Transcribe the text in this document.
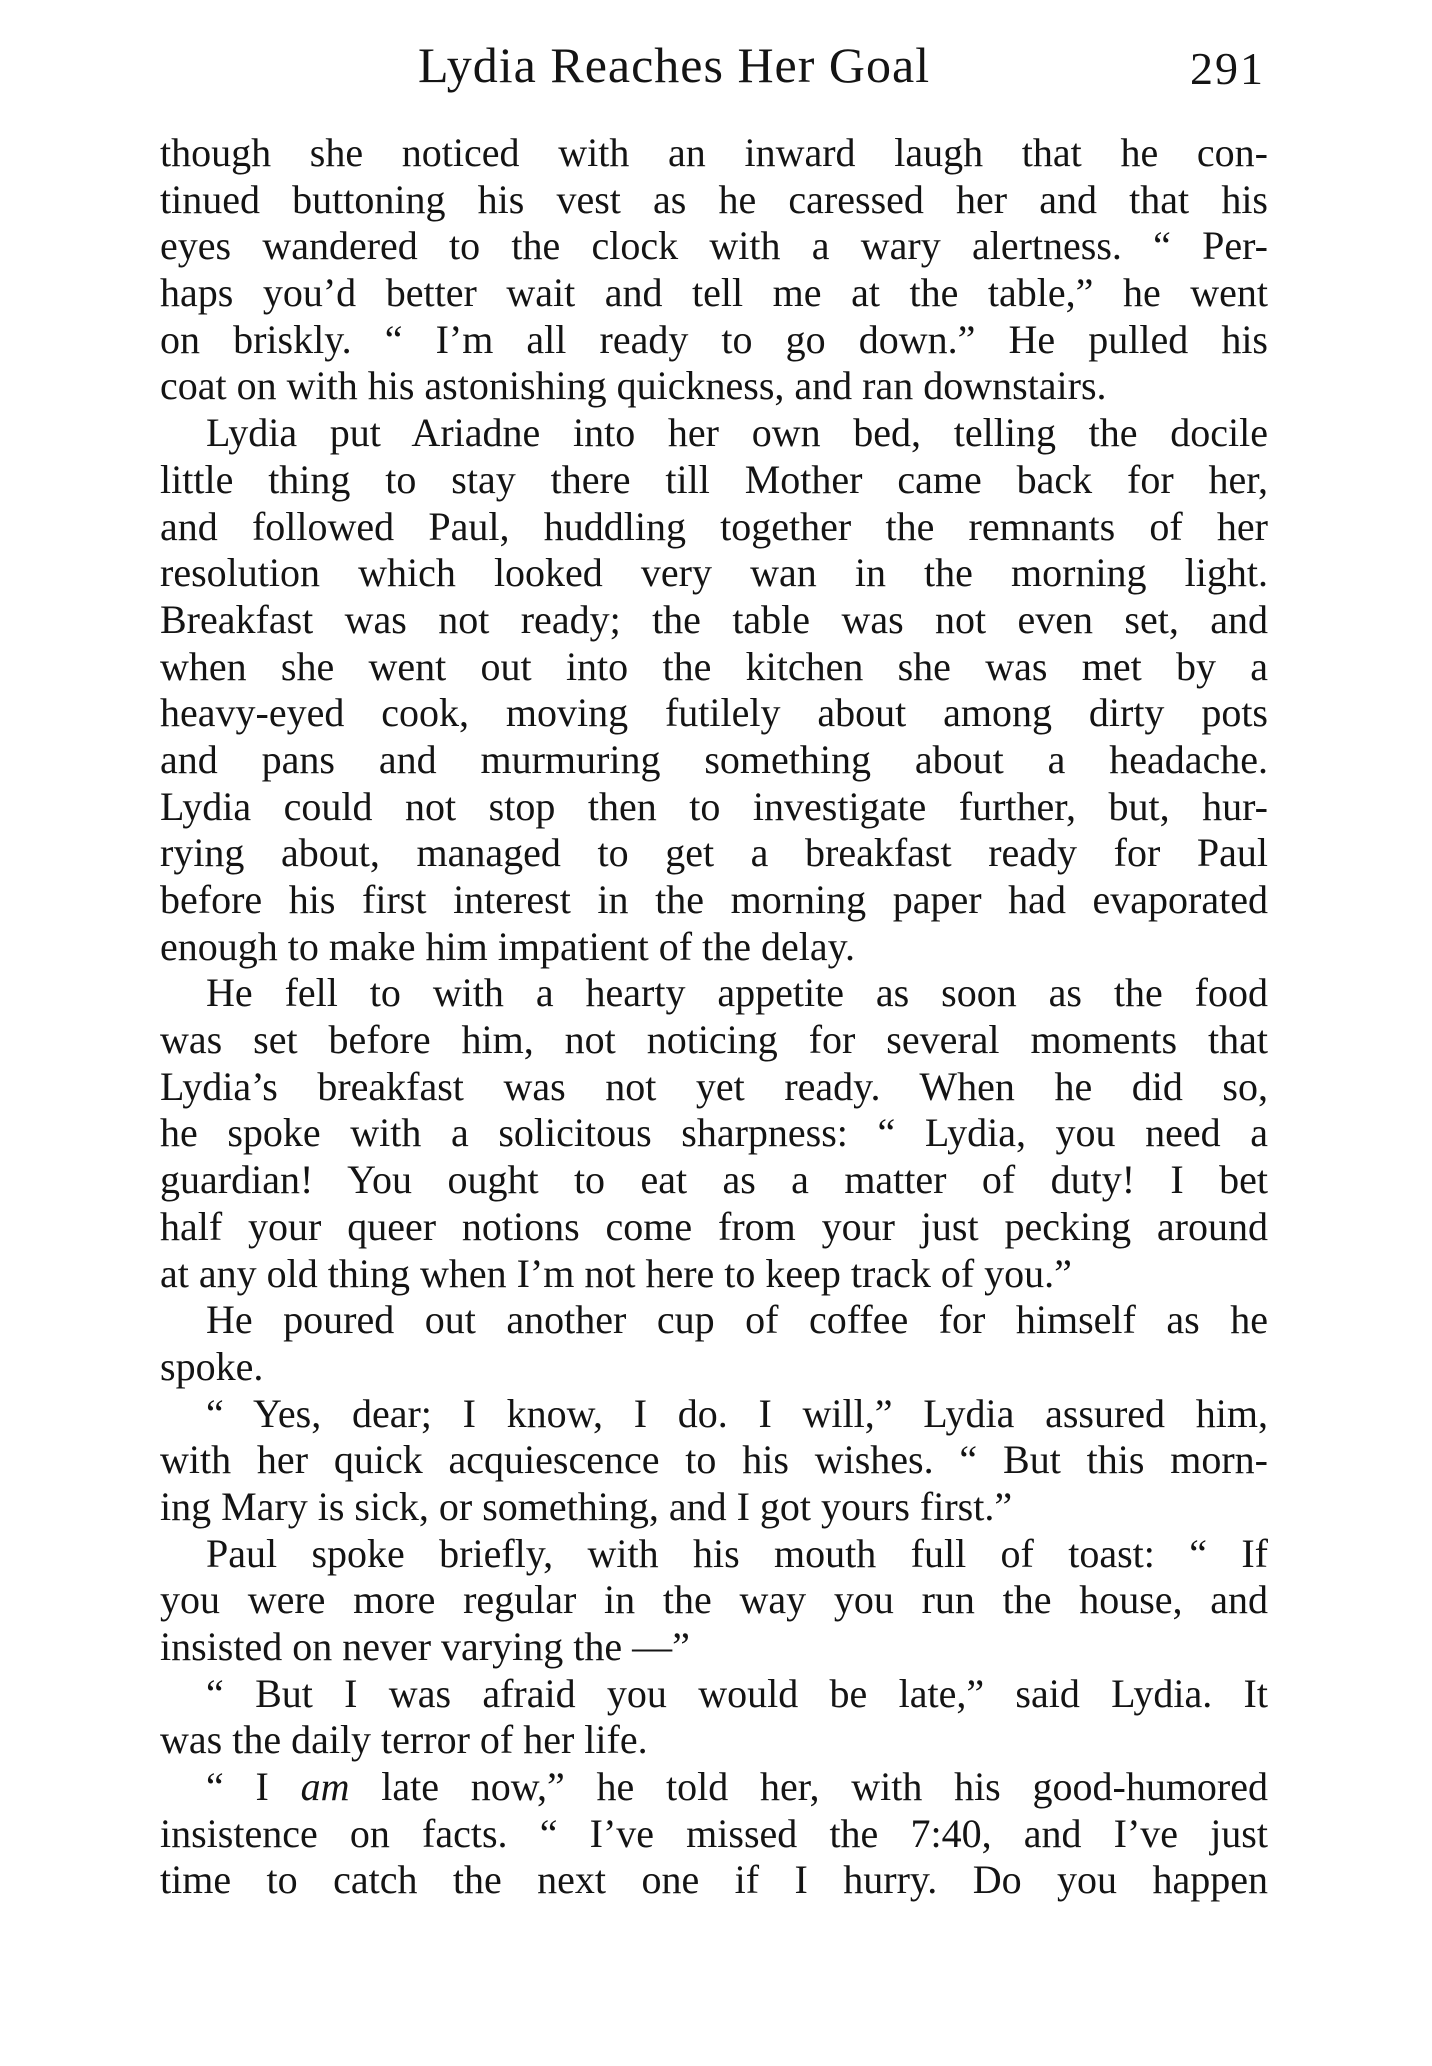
Lydia Reaches Her Goal	291
though she noticed with an inward laugh that he con-
tinued buttoning his vest as he caressed her and that his
eyes wandered to the clock with a wary alertness. “ Per-
haps you’d better wait and tell me at the table,” he went
on briskly. “ I’m all ready to go down.” He pulled his
coat on with his astonishing quickness, and ran downstairs.
Lydia put Ariadne into her own bed, telling the docile
little thing to stay there till Mother came back for her,
and followed Paul, huddling together the remnants of her
resolution which looked very wan in the morning light.
Breakfast was not ready; the table was not even set, and
when she went out into the kitchen she was met by a
heavy-eyed cook, moving futilely about among dirty pots
and pans and murmuring something about a headache.
Lydia could not stop then to investigate further, but, hur-
rying about, managed to get a breakfast ready for Paul
before his first interest in the morning paper had evaporated
enough to make him impatient of the delay.
He fell to with a hearty appetite as soon as the food
was set before him, not noticing for several moments that
Lydia’s breakfast was not yet ready. When he did so,
he spoke with a solicitous sharpness: “ Lydia, you need a
guardian! You ought to eat as a matter of duty! I bet
half your queer notions come from your just pecking around
at any old thing when I’m not here to keep track of you.”
He poured out another cup of coffee for himself as he
spoke.
“ Yes, dear; I know, I do. I will,” Lydia assured him,
with her quick acquiescence to his wishes. “ But this morn-
ing Mary is sick, or something, and I got yours first.”
Paul spoke briefly, with his mouth full of toast: “ If
you were more regular in the way you run the house, and
insisted on never varying the —”
“ But I was afraid you would be late,” said Lydia. It
was the daily terror of her life.
“ I am late now,” he told her, with his good-humored
insistence on facts. “ I’ve missed the 7:40, and I’ve just
time to catch the next one if I hurry. Do you happen
